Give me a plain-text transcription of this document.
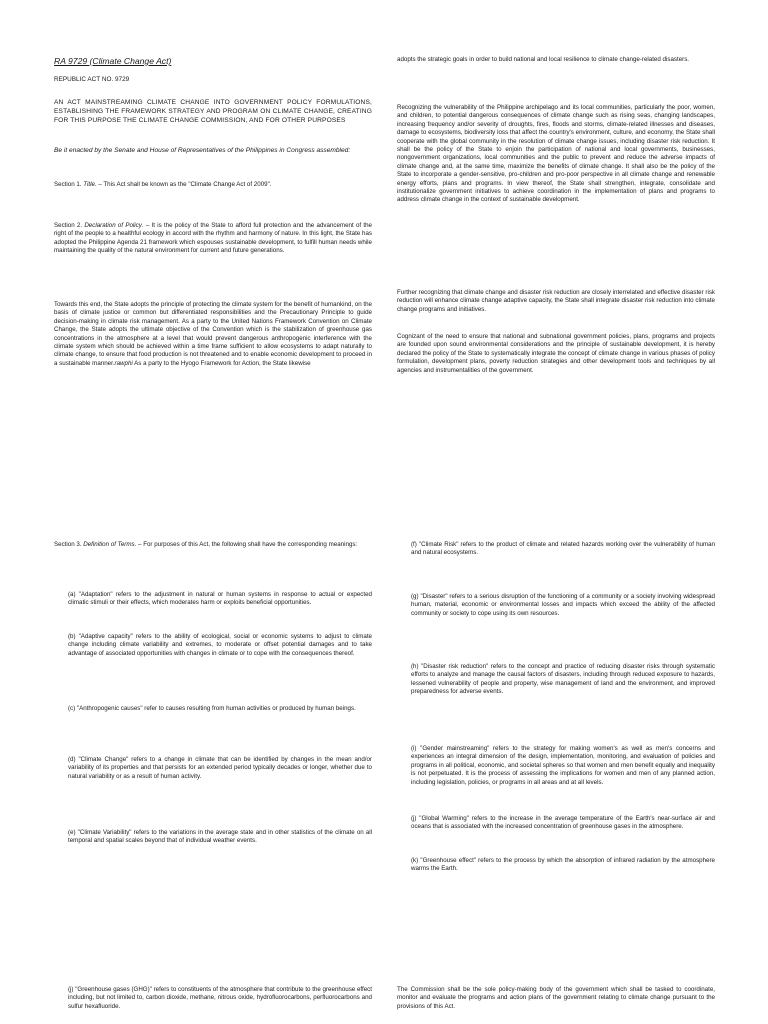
RA 9729 (Climate Change Act)

REPUBLIC ACT NO. 9729

AN ACT MAINSTREAMING CLIMATE CHANGE INTO GOVERNMENT POLICY FORMULATIONS, ESTABLISHING THE FRAMEWORK STRATEGY AND PROGRAM ON CLIMATE CHANGE, CREATING FOR THIS PURPOSE THE CLIMATE CHANGE COMMISSION, AND FOR OTHER PURPOSES

Be it enacted by the Senate and House of Representatives of the Philippines in Congress assembled:

Section 1. Title. – This Act shall be known as the "Climate Change Act of 2009".

Section 2. Declaration of Policy. – It is the policy of the State to afford full protection and the advancement of the right of the people to a healthful ecology in accord with the rhythm and harmony of nature. In this light, the State has adopted the Philippine Agenda 21 framework which espouses sustainable development, to fulfill human needs while maintaining the quality of the natural environment for current and future generations.

Towards this end, the State adopts the principle of protecting the climate system for the benefit of humankind, on the basis of climate justice or common but differentiated responsibilities and the Precautionary Principle to guide decision-making in climate risk management. As a party to the United Nations Framework Convention on Climate Change, the State adopts the ultimate objective of the Convention which is the stabilization of greenhouse gas concentrations in the atmosphere at a level that would prevent dangerous anthropogenic interference with the climate system which should be achieved within a time frame sufficient to allow ecosystems to adapt naturally to climate change, to ensure that food production is not threatened and to enable economic development to proceed in a sustainable manner.rawphi As a party to the Hyogo Framework for Action, the State likewise

adopts the strategic goals in order to build national and local resilience to climate change-related disasters.

Recognizing the vulnerability of the Philippine archipelago and its local communities, particularly the poor, women, and children, to potential dangerous consequences of climate change such as rising seas, changing landscapes, increasing frequency and/or severity of droughts, fires, floods and storms, climate-related illnesses and diseases, damage to ecosystems, biodiversity loss that affect the country's environment, culture, and economy, the State shall cooperate with the global community in the resolution of climate change issues, including disaster risk reduction. It shall be the policy of the State to enjoin the participation of national and local governments, businesses, nongovernment organizations, local communities and the public to prevent and reduce the adverse impacts of climate change and, at the same time, maximize the benefits of climate change. It shall also be the policy of the State to incorporate a gender-sensitive, pro-children and pro-poor perspective in all climate change and renewable energy efforts, plans and programs. In view thereof, the State shall strengthen, integrate, consolidate and institutionalize government initiatives to achieve coordination in the implementation of plans and programs to address climate change in the context of sustainable development.

Further recognizing that climate change and disaster risk reduction are closely interrelated and effective disaster risk reduction will enhance climate change adaptive capacity, the State shall integrate disaster risk reduction into climate change programs and initiatives.

Cognizant of the need to ensure that national and subnational government policies, plans, programs and projects are founded upon sound environmental considerations and the principle of sustainable development, it is hereby declared the policy of the State to systematically integrate the concept of climate change in various phases of policy formulation, development plans, poverty reduction strategies and other development tools and techniques by all agencies and instrumentalities of the government.

Section 3. Definition of Terms. – For purposes of this Act, the following shall have the corresponding meanings:

(a) "Adaptation" refers to the adjustment in natural or human systems in response to actual or expected climatic stimuli or their effects, which moderates harm or exploits beneficial opportunities.

(b) "Adaptive capacity" refers to the ability of ecological, social or economic systems to adjust to climate change including climate variability and extremes, to moderate or offset potential damages and to take advantage of associated opportunities with changes in climate or to cope with the consequences thereof.

(c) "Anthropogenic causes" refer to causes resulting from human activities or produced by human beings.

(d) "Climate Change" refers to a change in climate that can be identified by changes in the mean and/or variability of its properties and that persists for an extended period typically decades or longer, whether due to natural variability or as a result of human activity.

(e) "Climate Variability" refers to the variations in the average state and in other statistics of the climate on all temporal and spatial scales beyond that of individual weather events.

(j) "Greenhouse gases (GHG)" refers to constituents of the atmosphere that contribute to the greenhouse effect including, but not limited to, carbon dioxide, methane, nitrous oxide, hydrofluorocarbons, perfluorocarbons and sulfur hexafluoride.

(f) "Climate Risk" refers to the product of climate and related hazards working over the vulnerability of human and natural ecosystems.

(g) "Disaster" refers to a serious disruption of the functioning of a community or a society involving widespread human, material, economic or environmental losses and impacts which exceed the ability of the affected community or society to cope using its own resources.

(h) "Disaster risk reduction" refers to the concept and practice of reducing disaster risks through systematic efforts to analyze and manage the causal factors of disasters, including through reduced exposure to hazards, lessened vulnerability of people and property, wise management of land and the environment, and improved preparedness for adverse events.

(i) "Gender mainstreaming" refers to the strategy for making women's as well as men's concerns and experiences an integral dimension of the design, implementation, monitoring, and evaluation of policies and programs in all political, economic, and societal spheres so that women and men benefit equally and inequality is not perpetuated. It is the process of assessing the implications for women and men of any planned action, including legislation, policies, or programs in all areas and at all levels.

(j) "Global Warming" refers to the increase in the average temperature of the Earth's near-surface air and oceans that is associated with the increased concentration of greenhouse gases in the atmosphere.

(k) "Greenhouse effect" refers to the process by which the absorption of infrared radiation by the atmosphere warms the Earth.

The Commission shall be the sole policy-making body of the government which shall be tasked to coordinate, monitor and evaluate the programs and action plans of the government relating to climate change pursuant to the provisions of this Act.
